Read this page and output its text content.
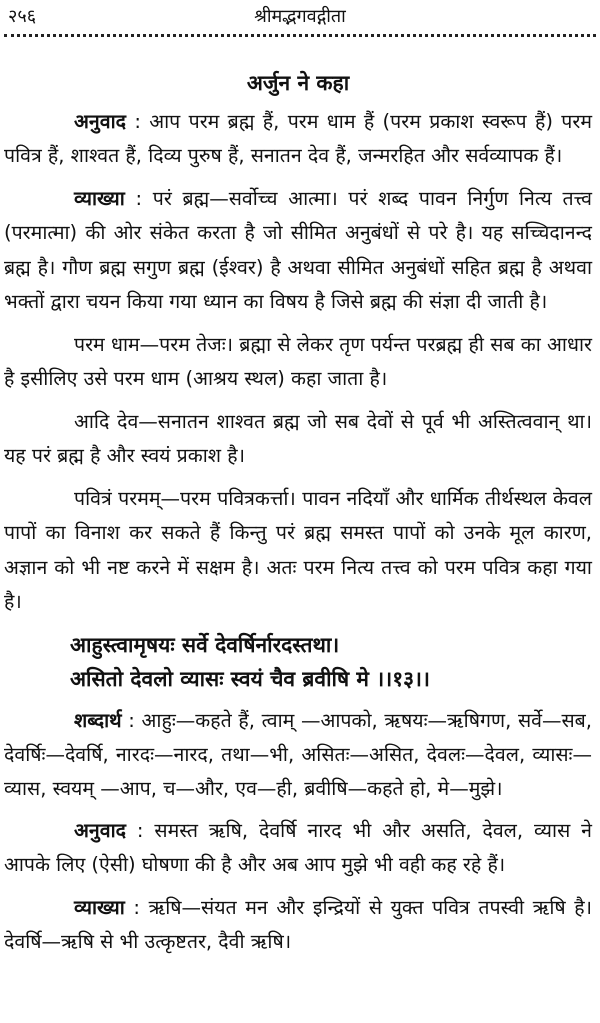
२५६	श्रीमद्भगवद्गीता

अर्जुन ने कहा

अनुवाद : आप परम ब्रह्म हैं, परम धाम हैं (परम प्रकाश स्वरूप हैं) परम पवित्र हैं, शाश्वत हैं, दिव्य पुरुष हैं, सनातन देव हैं, जन्मरहित और सर्वव्यापक हैं।

व्याख्या : परं ब्रह्म—सर्वोच्च आत्मा। परं शब्द पावन निर्गुण नित्य तत्त्व (परमात्मा) की ओर संकेत करता है जो सीमित अनुबंधों से परे है। यह सच्चिदानन्द ब्रह्म है। गौण ब्रह्म सगुण ब्रह्म (ईश्वर) है अथवा सीमित अनुबंधों सहित ब्रह्म है अथवा भक्तों द्वारा चयन किया गया ध्यान का विषय है जिसे ब्रह्म की संज्ञा दी जाती है।

परम धाम—परम तेजः। ब्रह्मा से लेकर तृण पर्यन्त परब्रह्म ही सब का आधार है इसीलिए उसे परम धाम (आश्रय स्थल) कहा जाता है।

आदि देव—सनातन शाश्वत ब्रह्म जो सब देवों से पूर्व भी अस्तित्ववान् था। यह परं ब्रह्म है और स्वयं प्रकाश है।

पवित्रं परमम्—परम पवित्रकर्त्ता। पावन नदियाँ और धार्मिक तीर्थस्थल केवल पापों का विनाश कर सकते हैं किन्तु परं ब्रह्म समस्त पापों को उनके मूल कारण, अज्ञान को भी नष्ट करने में सक्षम है। अतः परम नित्य तत्त्व को परम पवित्र कहा गया है।

आहुस्त्वामृषयः सर्वे देवर्षिर्नारदस्तथा।

असितो देवलो व्यासः स्वयं चैव ब्रवीषि मे ।।१३।।

शब्दार्थ : आहुः—कहते हैं, त्वाम् —आपको, ऋषयः—ऋषिगण, सर्वे—सब, देवर्षिः—देवर्षि, नारदः—नारद, तथा—भी, असितः—असित, देवलः—देवल, व्यासः—व्यास, स्वयम् —आप, च—और, एव—ही, ब्रवीषि—कहते हो, मे—मुझे।

अनुवाद : समस्त ऋषि, देवर्षि नारद भी और असति, देवल, व्यास ने आपके लिए (ऐसी) घोषणा की है और अब आप मुझे भी वही कह रहे हैं।

व्याख्या : ऋषि—संयत मन और इन्द्रियों से युक्त पवित्र तपस्वी ऋषि है। देवर्षि—ऋषि से भी उत्कृष्टतर, दैवी ऋषि।
